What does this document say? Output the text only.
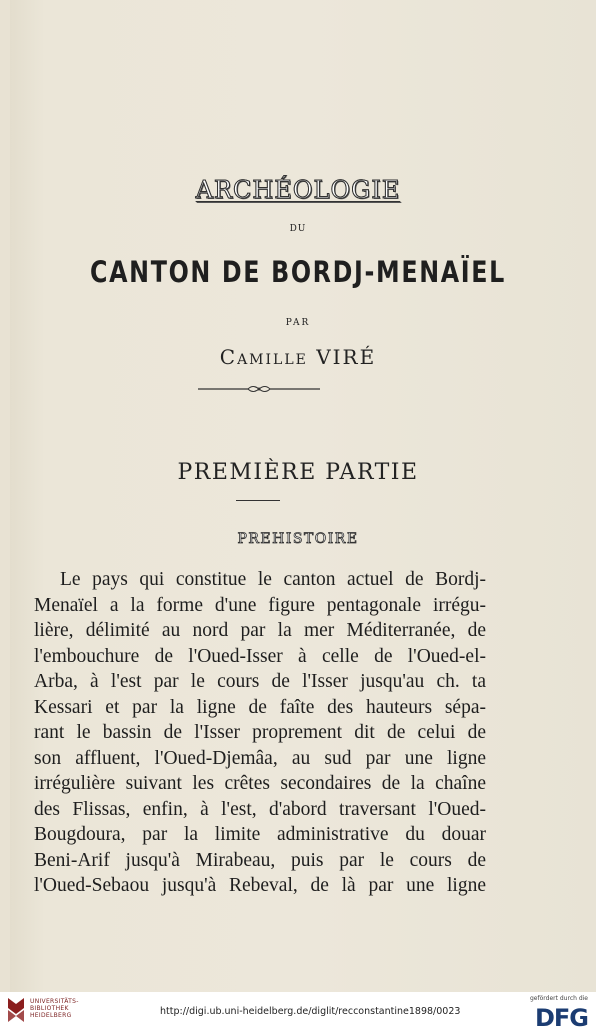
ARCHÉOLOGIE
DU
CANTON DE BORDJ-MENAÏEL
PAR
Camille VIRÉ
PREMIÈRE PARTIE
PREHISTOIRE
Le pays qui constitue le canton actuel de Bordj-
Menaïel a la forme d'une figure pentagonale irrégu-
lière, délimité au nord par la mer Méditerranée, de
l'embouchure de l'Oued-Isser à celle de l'Oued-el-
Arba, à l'est par le cours de l'Isser jusqu'au ch. ta
Kessari et par la ligne de faîte des hauteurs sépa-
rant le bassin de l'Isser proprement dit de celui de
son affluent, l'Oued-Djemâa, au sud par une ligne
irrégulière suivant les crêtes secondaires de la chaîne
des Flissas, enfin, à l'est, d'abord traversant l'Oued-
Bougdoura, par la limite administrative du douar
Beni-Arif jusqu'à Mirabeau, puis par le cours de
l'Oued-Sebaou jusqu'à Rebeval, de là par une ligne
UNIVERSITÄTS-
BIBLIOTHEK
HEIDELBERG	http://digi.ub.uni-heidelberg.de/diglit/recconstantine1898/0023
gefördert durch die
DFG
